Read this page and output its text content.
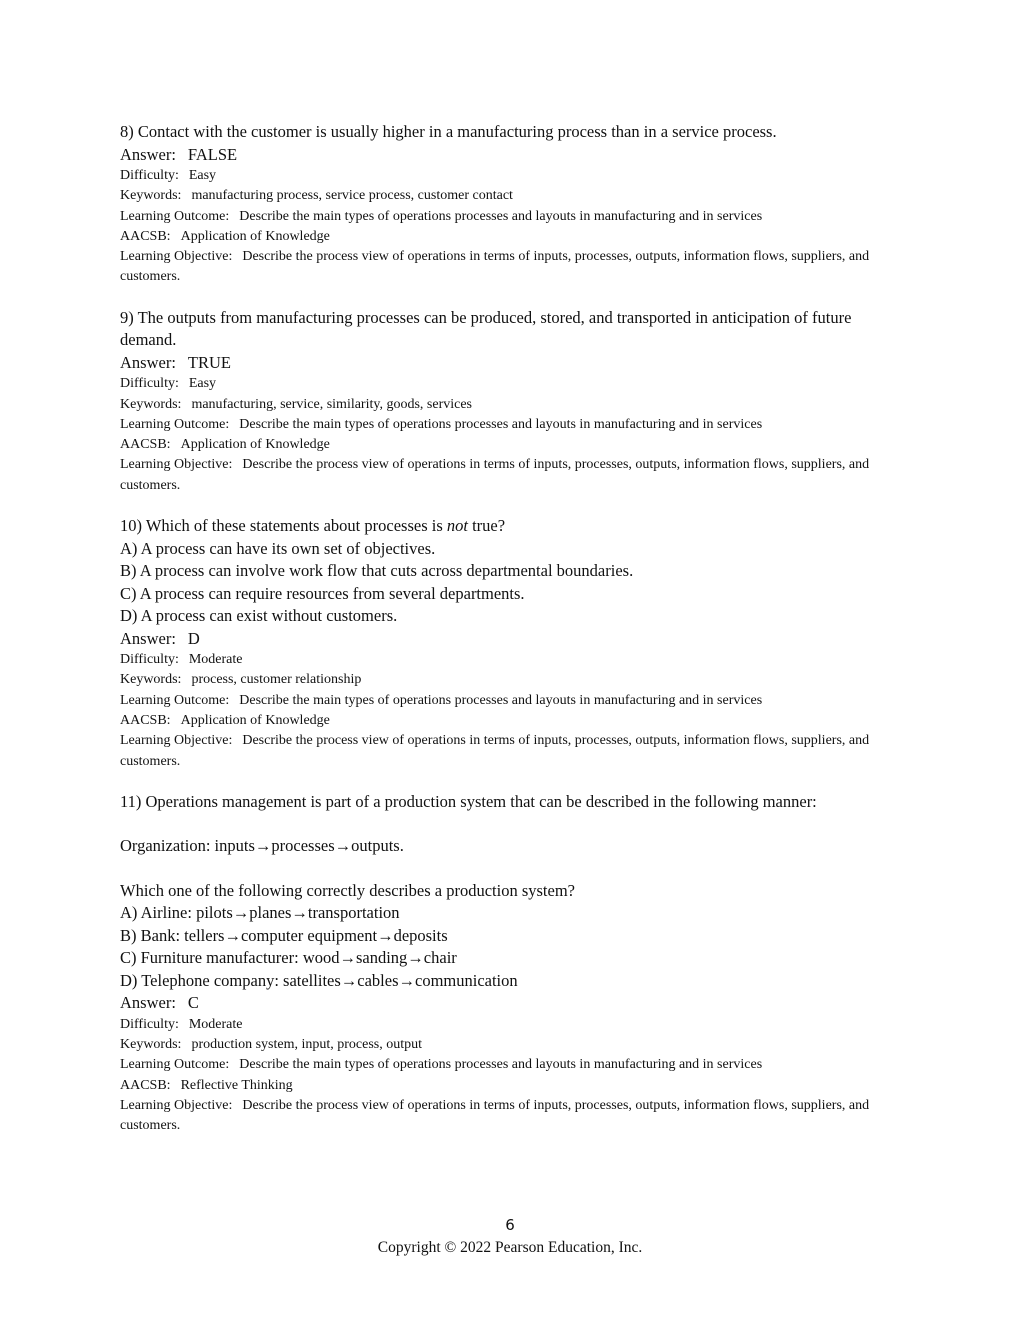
8) Contact with the customer is usually higher in a manufacturing process than in a service process.

Answer: FALSE

Difficulty: Easy

Keywords: manufacturing process, service process, customer contact

Learning Outcome: Describe the main types of operations processes and layouts in manufacturing and in services

AACSB: Application of Knowledge

Learning Objective: Describe the process view of operations in terms of inputs, processes, outputs, information flows, suppliers, and customers.

9) The outputs from manufacturing processes can be produced, stored, and transported in anticipation of future demand.

Answer: TRUE

Difficulty: Easy

Keywords: manufacturing, service, similarity, goods, services

Learning Outcome: Describe the main types of operations processes and layouts in manufacturing and in services

AACSB: Application of Knowledge

Learning Objective: Describe the process view of operations in terms of inputs, processes, outputs, information flows, suppliers, and customers.

10) Which of these statements about processes is not true?

A) A process can have its own set of objectives.

B) A process can involve work flow that cuts across departmental boundaries.

C) A process can require resources from several departments.

D) A process can exist without customers.

Answer: D

Difficulty: Moderate

Keywords: process, customer relationship

Learning Outcome: Describe the main types of operations processes and layouts in manufacturing and in services

AACSB: Application of Knowledge

Learning Objective: Describe the process view of operations in terms of inputs, processes, outputs, information flows, suppliers, and customers.

11) Operations management is part of a production system that can be described in the following manner:

Organization: inputs→processes→outputs.

Which one of the following correctly describes a production system?

A) Airline: pilots→planes→transportation

B) Bank: tellers→computer equipment→deposits

C) Furniture manufacturer: wood→sanding→chair

D) Telephone company: satellites→cables→communication

Answer: C

Difficulty: Moderate

Keywords: production system, input, process, output

Learning Outcome: Describe the main types of operations processes and layouts in manufacturing and in services

AACSB: Reflective Thinking

Learning Objective: Describe the process view of operations in terms of inputs, processes, outputs, information flows, suppliers, and customers.

6
Copyright © 2022 Pearson Education, Inc.
